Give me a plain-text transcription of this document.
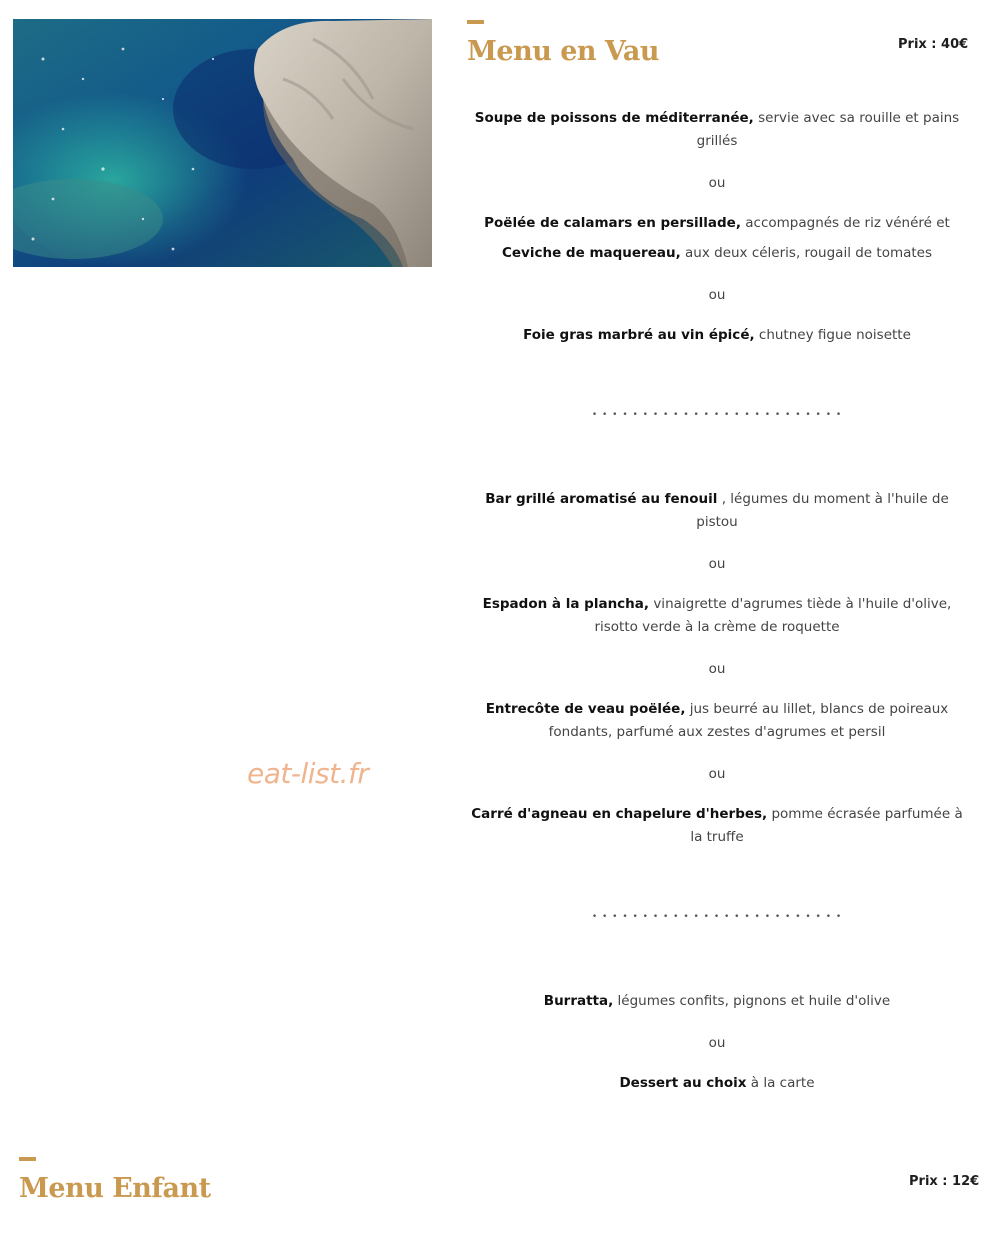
Menu en Vau	Prix : 40€
Soupe de poissons de méditerranée, servie avec sa rouille et pains grillés
ou
Poëlée de calamars en persillade, accompagnés de riz vénéré et
Ceviche de maquereau, aux deux céleris, rougail de tomates
ou
Foie gras marbré au vin épicé, chutney figue noisette
• • • • • • • • • • • • • • • • • • • • • • • • •
Bar grillé aromatisé au fenouil , légumes du moment à l'huile de pistou
ou
Espadon à la plancha, vinaigrette d'agrumes tiède à l'huile d'olive, risotto verde à la crème de roquette
ou
Entrecôte de veau poëlée, jus beurré au lillet, blancs de poireaux fondants, parfumé aux zestes d'agrumes et persil
ou
Carré d'agneau en chapelure d'herbes, pomme écrasée parfumée à la truffe
• • • • • • • • • • • • • • • • • • • • • • • • •
Burratta, légumes confits, pignons et huile d'olive
ou
Dessert au choix à la carte
eat-list.fr
Menu Enfant	Prix : 12€
